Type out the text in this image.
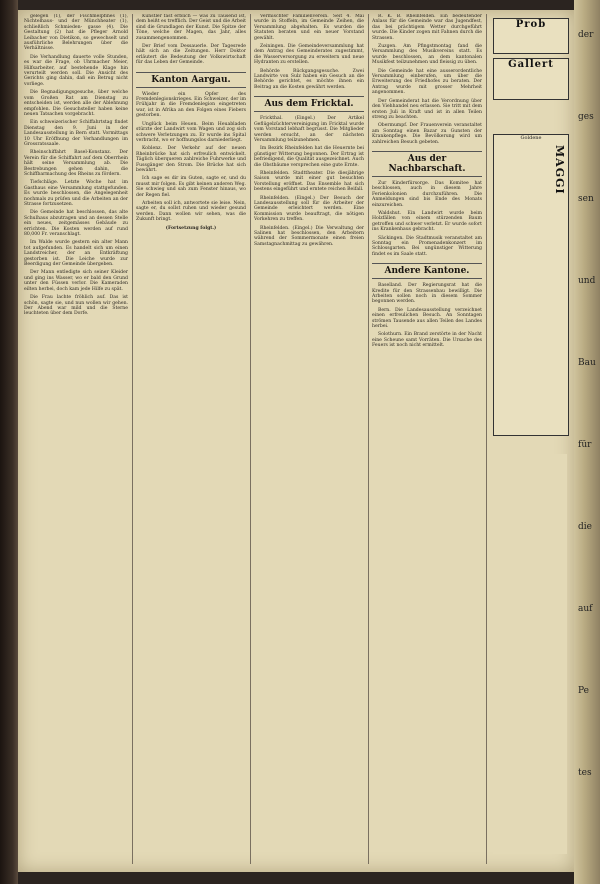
gelegen (1), der Fischmelpfines (1), Nichtelhaus- und der Münchheater (1), schließlich Schmieden- gasse (4). Die Gestaltung (2) hat die Pfleger Arnold Leibacher von Dietikon, so gewechselt und ausführliche Belehrungen über die Verhältnisse.

Die Verhandlung dauerte volle Stunden, es war die Frage, ob Uhrmacher Meier, Hilfsarbeiter, auf bestehende Klage hin verurteilt werden soll. Die Ansicht des Gerichts ging dahin, daß ein Betrug nicht vorliege.

Die Begnadigungsgesuche, über welche vom Großen Rat am Dienstag zu entscheiden ist, werden alle der Ablehnung empfohlen. Die Gesuchsteller haben keine neuen Tatsachen vorgebracht.

Ein schweizerischer Schiffahrtstag findet Dienstag den 9. Juni in der Landesausstellung in Bern statt. Vormittags 10 Uhr Eröffnung der Verhandlungen im Grossratssaale.

Rheinschiffahrt Basel-Konstanz. Der Verein für die Schiffahrt auf dem Oberrhein hält seine Versammlung ab. Die Bestrebungen gehen dahin, die Schiffbarmachung des Rheins zu fördern.

Tiefschläge. Letzte Woche hat im Gasthaus eine Versammlung stattgefunden. Es wurde beschlossen, die Angelegenheit nochmals zu prüfen und die Arbeiten an der Strasse fortzusetzen.

Die Gemeinde hat beschlossen, das alte Schulhaus abzutragen und an dessen Stelle ein neues, zeitgemässes Gebäude zu errichten. Die Kosten werden auf rund 80,000 Fr. veranschlagt.

Im Walde wurde gestern ein alter Mann tot aufgefunden. Es handelt sich um einen Landstreicher, der an Entkräftung gestorben ist. Die Leiche wurde zur Beerdigung der Gemeinde übergeben.

Der Mann entledigte sich seiner Kleider und ging ins Wasser, wo er bald den Grund unter den Füssen verlor. Die Kameraden eilten herbei, doch kam jede Hilfe zu spät.

Die Frau lachte fröhlich auf. Das ist schön, sagte sie, und nun wollen wir gehen. Der Abend war mild und die Sterne leuchteten über dem Dorfe.

Künstler fast erblich — was zu Tausend ist, dem heißt es trefflich. Der Geist und die Arbeit sind die Grundlagen der Kunst. Die Spitze der Töne, welche der Magen, das Jahr, alles zusammengenommen.

Der Brief vom Dessauerle. Der Tagesrede hält sich an die Zeitungen. Herr Doktor erläutert die Bedeutung der Volkswirtschaft für das Leben der Gemeinde.

Kanton Aargau.

Wieder ein Opfer des Fremdenlegionskrieges. Ein Schweizer, der im Frühjahr in die Fremdenlegion eingetreten war, ist in Afrika an den Folgen eines Fiebers gestorben.

Unglück beim Heuen. Beim Heuabladen stürzte der Landwirt vom Wagen und zog sich schwere Verletzungen zu. Er wurde ins Spital verbracht, wo er hoffnungslos darniederliegt.

Koblenz. Der Verkehr auf der neuen Rheinbrücke hat sich erfreulich entwickelt. Täglich überqueren zahlreiche Fuhrwerke und Fussgänger den Strom. Die Brücke hat sich bewährt.

Ich sage es dir im Guten, sagte er, und du musst mir folgen. Es gibt keinen anderen Weg. Sie schwieg und sah zum Fenster hinaus, wo der Regen fiel.

Arbeiten soll ich, antwortete sie leise. Nein, sagte er, du sollst ruhen und wieder gesund werden. Dann wollen wir sehen, was die Zukunft bringt.

(Fortsetzung folgt.)

Vermischter Familienverein. Seit 4. Mai wurde in Stoffeln, im Gemeinde Zeihen, die Versammlung abgehalten. Es wurden die Statuten beraten und ein neuer Vorstand gewählt.

Zeiningen. Die Gemeindeversammlung hat dem Antrag des Gemeinderates zugestimmt, die Wasserversorgung zu erweitern und neue Hydranten zu erstellen.

Behörde Rückgangsgesuche. Zwei Landwirte von Sulz haben ein Gesuch an die Behörde gerichtet, es möchte ihnen ein Beitrag an die Kosten gewährt werden.

Aus dem Fricktal.

Frickthal. (Eingel.) Der Artikel Geflügelzüchtervereinigung im Fricktal wurde vom Vorstand lebhaft begrüsst. Die Mitglieder werden ersucht, an der nächsten Versammlung teilzunehmen.

Im Bezirk Rheinfelden hat die Heuernte bei günstiger Witterung begonnen. Der Ertrag ist befriedigend, die Qualität ausgezeichnet. Auch die Obstbäume versprechen eine gute Ernte.

Rheinfelden. Stadttheater. Die diesjährige Saison wurde mit einer gut besuchten Vorstellung eröffnet. Das Ensemble hat sich bestens eingeführt und erntete reichen Beifall.

Rheinfelden. (Eingel.) Der Besuch der Landesausstellung soll für die Arbeiter der Gemeinde erleichtert werden. Eine Kommission wurde beauftragt, die nötigen Vorkehren zu treffen.

Rheinfelden. (Eingel.) Die Verwaltung der Salinen hat beschlossen, den Arbeitern während der Sommermonate einen freien Samstagnachmittag zu gewähren.

R. K. B. Rheinfelden. Ein bedeutender Anlass für die Gemeinde war das Jugendfest, das bei prächtigem Wetter durchgeführt wurde. Die Kinder zogen mit Fahnen durch die Strassen.

Zuzgen. Am Pfingstmontag fand die Versammlung des Musikvereins statt. Es wurde beschlossen, an dem kantonalen Musikfest teilzunehmen und fleissig zu üben.

Die Gemeinde hat eine ausserordentliche Versammlung einberufen, um über die Erweiterung des Friedhofes zu beraten. Der Antrag wurde mit grosser Mehrheit angenommen.

Der Gemeinderat hat die Verordnung über den Viehhandel neu erlassen. Sie tritt mit dem ersten Juli in Kraft und ist in allen Teilen streng zu beachten.

Obermumpf. Der Frauenverein veranstaltet am Sonntag einen Bazar zu Gunsten der Krankenpflege. Die Bevölkerung wird um zahlreichen Besuch gebeten.

Aus der Nachbarschaft.

Zur Kinderfürsorge. Das Komitee hat beschlossen, auch in diesem Jahre Ferienkolonien durchzuführen. Die Anmeldungen sind bis Ende des Monats einzureichen.

Waldshut. Ein Landwirt wurde beim Holzfällen von einem stürzenden Baum getroffen und schwer verletzt. Er wurde sofort ins Krankenhaus gebracht.

Säckingen. Die Stadtmusik veranstaltet am Sonntag ein Promenadenkonzert im Schlossgarten. Bei ungünstiger Witterung findet es im Saale statt.

Andere Kantone.

Baselland. Der Regierungsrat hat die Kredite für den Strassenbau bewilligt. Die Arbeiten sollen noch in diesem Sommer begonnen werden.

Bern. Die Landesausstellung verzeichnet einen erfreulichen Besuch. An Sonntagen strömen Tausende aus allen Teilen des Landes herbei.

Solothurn. Ein Brand zerstörte in der Nacht eine Scheune samt Vorräten. Die Ursache des Feuers ist noch nicht ermittelt.

Prob
Gallert
Goldene
MAGGI
der
ges
sen
und
Bau
für
die
auf
Pe
tes
